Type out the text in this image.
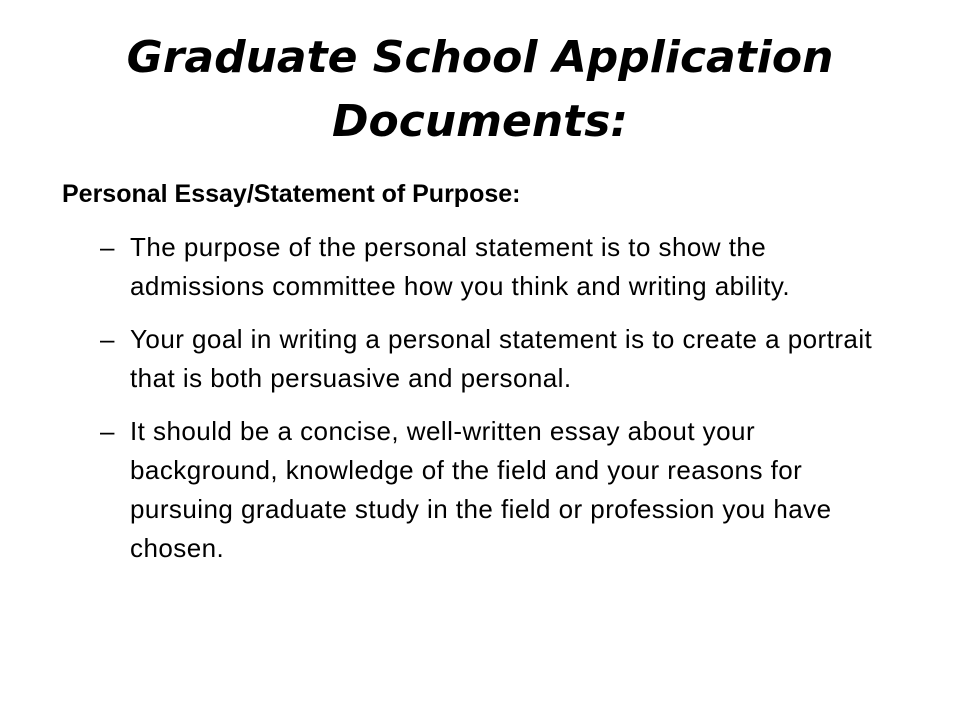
Graduate School Application
Documents:

Personal Essay/Statement of Purpose:

– The purpose of the personal statement is to show the admissions committee how you think and writing ability.
– Your goal in writing a personal statement is to create a portrait that is both persuasive and personal.
– It should be a concise, well-written essay about your background, knowledge of the field and your reasons for pursuing graduate study in the field or profession you have chosen.
